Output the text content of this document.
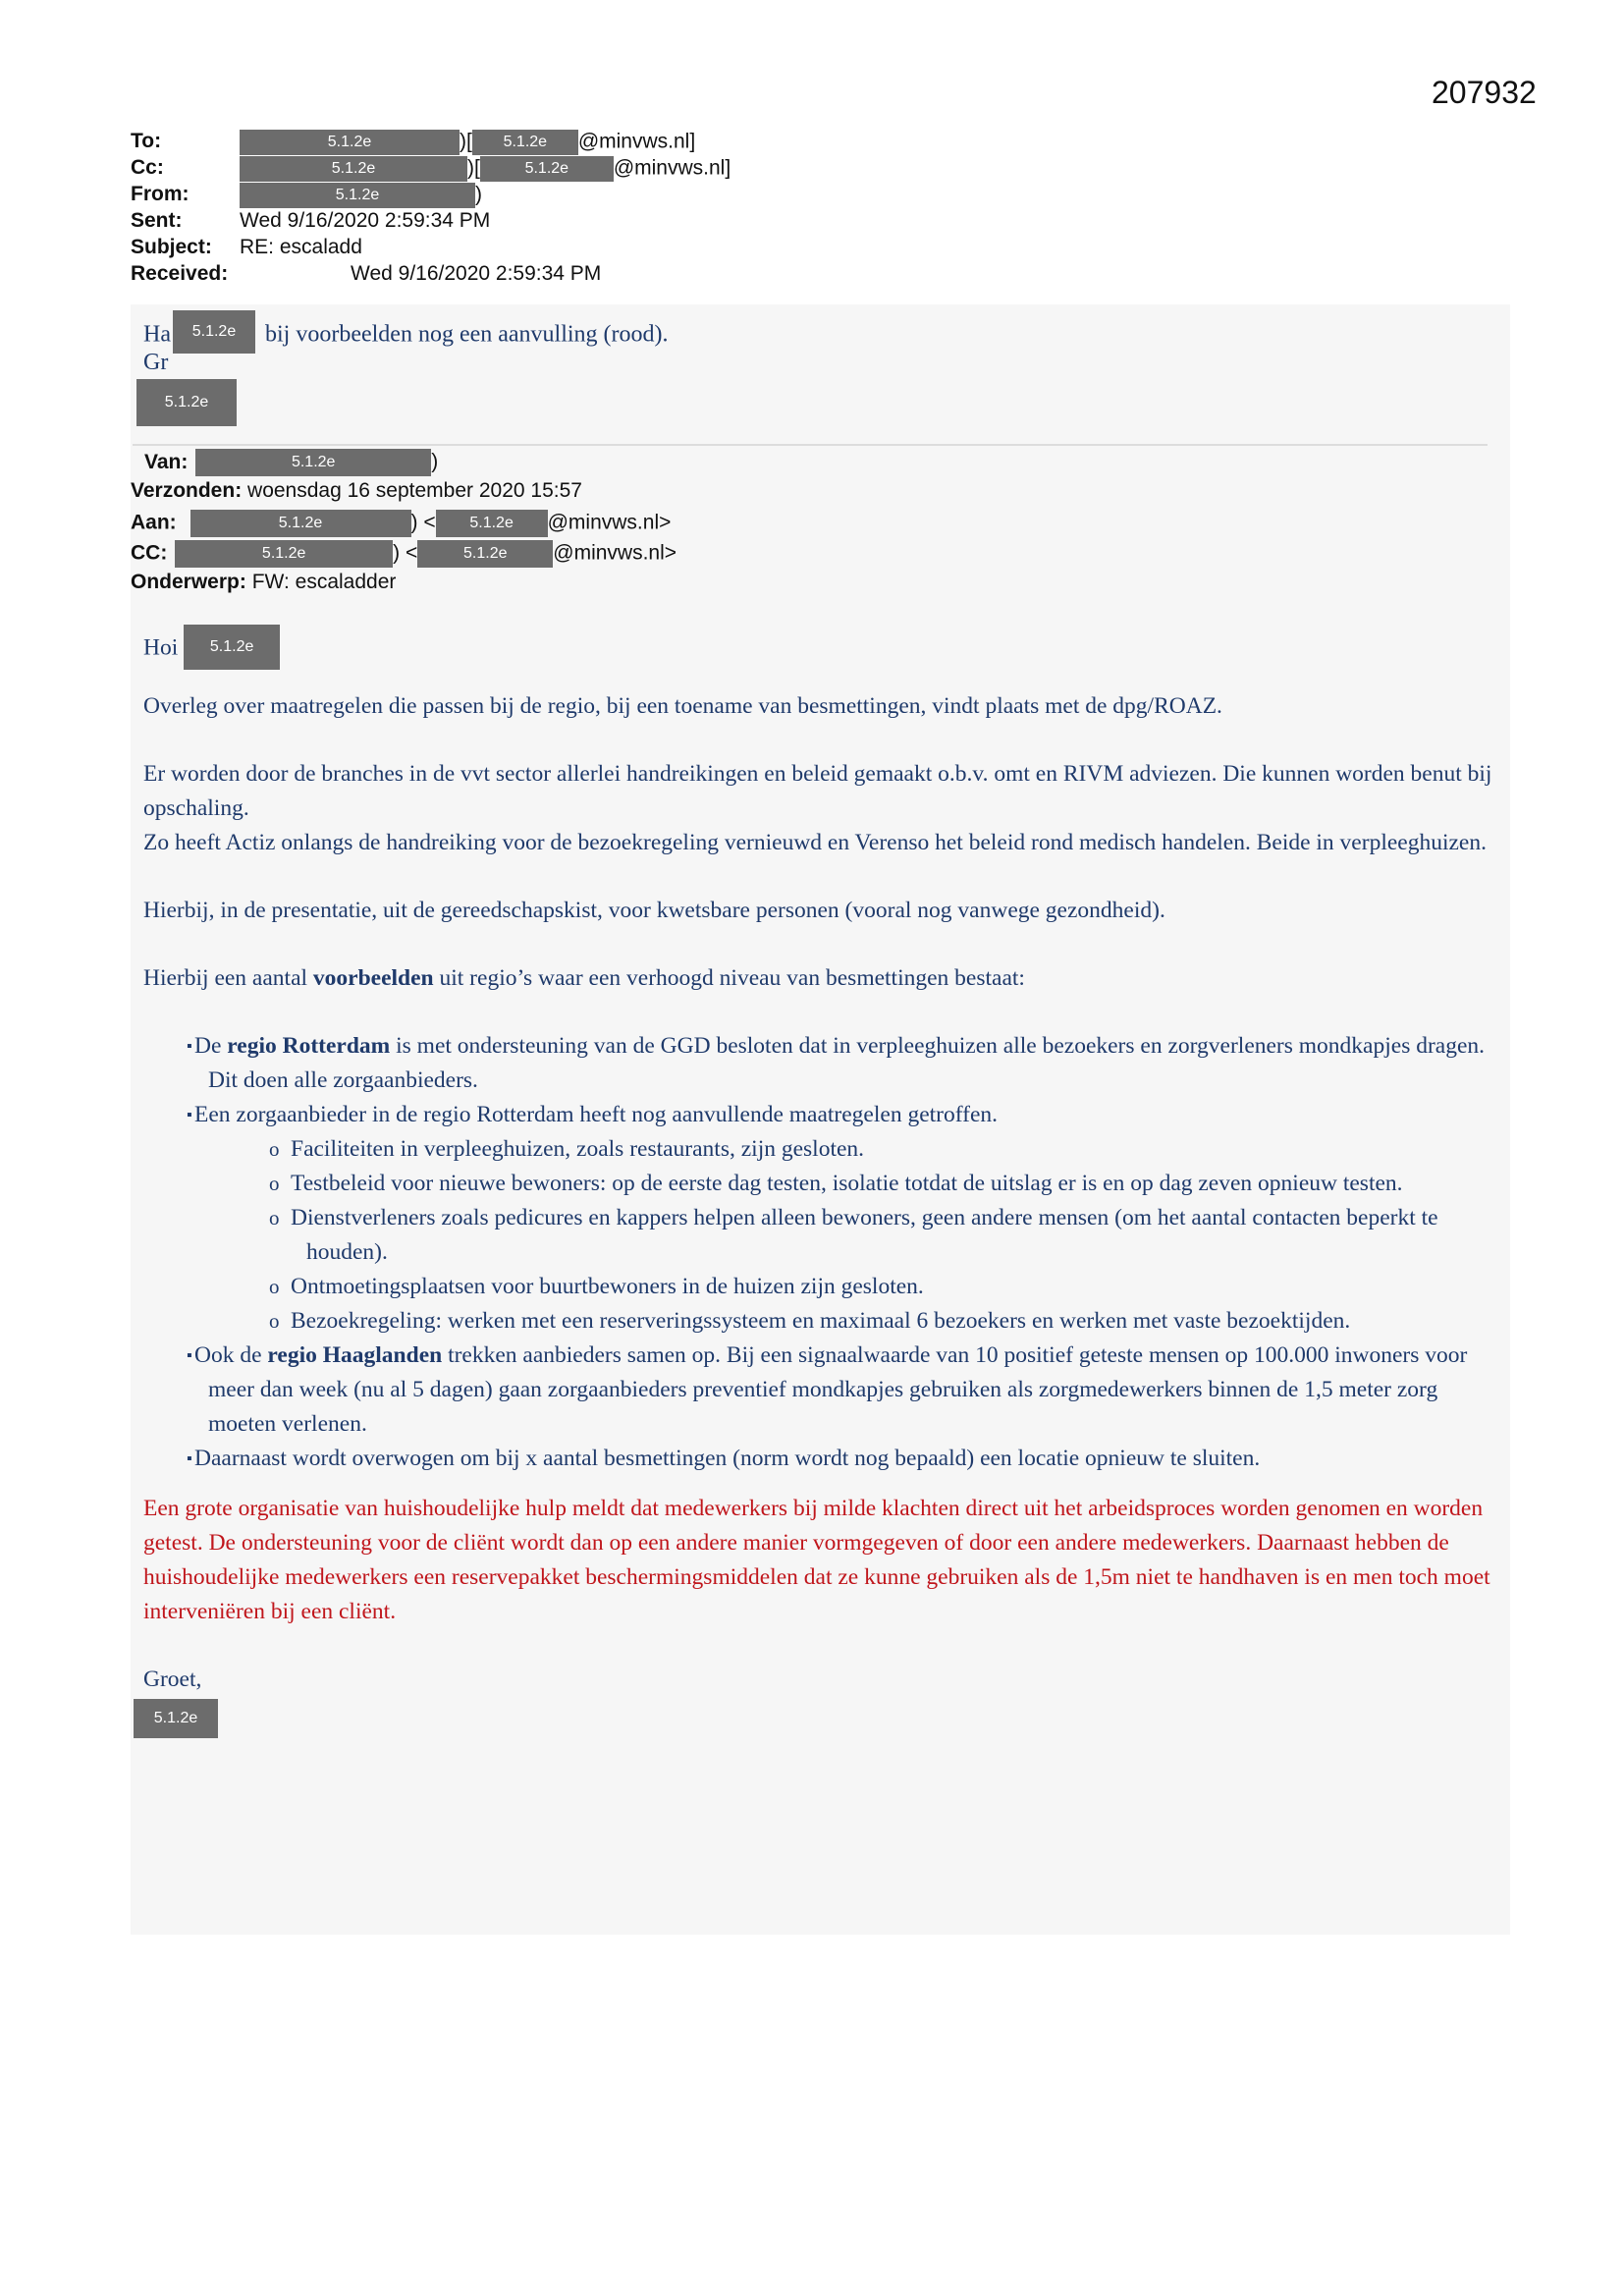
207932
To:	5.1.2e	)[ 5.1.2e @minvws.nl]
Cc:	5.1.2e	)[	5.1.2e @minvws.nl]
From:	5.1.2e	)
Sent:	Wed 9/16/2020 2:59:34 PM
Subject: RE: escaladd
Received:	Wed 9/16/2020 2:59:34 PM
Ha 5.1.2e bij voorbeelden nog een aanvulling (rood).
Gr
5.1.2e
Van:	5.1.2e	)
Verzonden: woensdag 16 september 2020 15:57
Aan:	5.1.2e	) < 5.1.2e @minvws.nl>
CC:	5.1.2e	) <	5.1.2e @minvws.nl>
Onderwerp: FW: escaladder

Hoi 5.1.2e

Overleg over maatregelen die passen bij de regio, bij een toename van besmettingen, vindt plaats met de dpg/ROAZ.

Er worden door de branches in de vvt sector allerlei handreikingen en beleid gemaakt o.b.v. omt en RIVM adviezen. Die kunnen worden benut bij opschaling.

Zo heeft Actiz onlangs de handreiking voor de bezoekregeling vernieuwd en Verenso het beleid rond medisch handelen. Beide in verpleeghuizen.

Hierbij, in de presentatie, uit de gereedschapskist, voor kwetsbare personen (vooral nog vanwege gezondheid).

Hierbij een aantal voorbeelden uit regio’s waar een verhoogd niveau van besmettingen bestaat:

▪ De regio Rotterdam is met ondersteuning van de GGD besloten dat in verpleeghuizen alle bezoekers en zorgverleners mondkapjes dragen. Dit doen alle zorgaanbieders.
▪ Een zorgaanbieder in de regio Rotterdam heeft nog aanvullende maatregelen getroffen.
o Faciliteiten in verpleeghuizen, zoals restaurants, zijn gesloten.
o Testbeleid voor nieuwe bewoners: op de eerste dag testen, isolatie totdat de uitslag er is en op dag zeven opnieuw testen.
o Dienstverleners zoals pedicures en kappers helpen alleen bewoners, geen andere mensen (om het aantal contacten beperkt te houden).
o Ontmoetingsplaatsen voor buurtbewoners in de huizen zijn gesloten.
o Bezoekregeling: werken met een reserveringssysteem en maximaal 6 bezoekers en werken met vaste bezoektijden.
▪ Ook de regio Haaglanden trekken aanbieders samen op. Bij een signaalwaarde van 10 positief geteste mensen op 100.000 inwoners voor meer dan week (nu al 5 dagen) gaan zorgaanbieders preventief mondkapjes gebruiken als zorgmedewerkers binnen de 1,5 meter zorg moeten verlenen.
▪ Daarnaast wordt overwogen om bij x aantal besmettingen (norm wordt nog bepaald) een locatie opnieuw te sluiten.

Een grote organisatie van huishoudelijke hulp meldt dat medewerkers bij milde klachten direct uit het arbeidsproces worden genomen en worden getest. De ondersteuning voor de cliënt wordt dan op een andere manier vormgegeven of door een andere medewerkers. Daarnaast hebben de huishoudelijke medewerkers een reservepakket beschermingsmiddelen dat ze kunne gebruiken als de 1,5m niet te handhaven is en men toch moet interveniëren bij een cliënt.

Groet,

5.1.2e
